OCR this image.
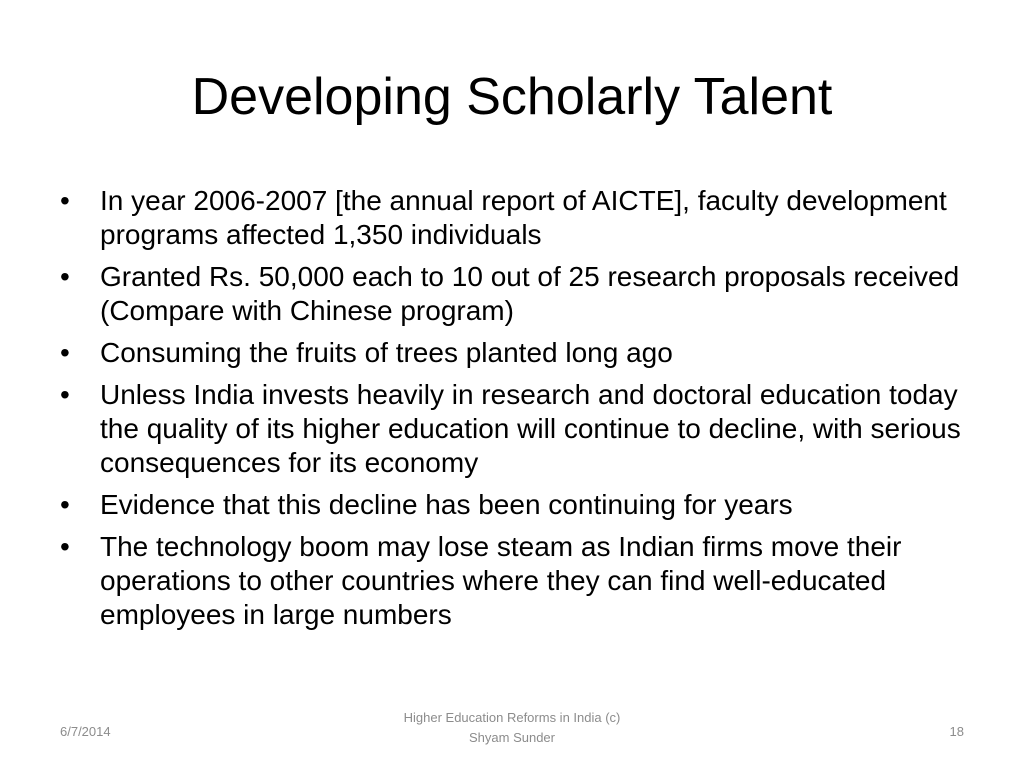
Developing Scholarly Talent
•	In year 2006-2007 [the annual report of AICTE], faculty development programs affected 1,350 individuals
•	Granted Rs. 50,000 each to 10 out of 25 research proposals received (Compare with Chinese program)
•	Consuming the fruits of trees planted long ago
•	Unless India invests heavily in research and doctoral education today the quality of its higher education will continue to decline, with serious consequences for its economy
•	Evidence that this decline has been continuing for years
•	The technology boom may lose steam as Indian firms move their operations to other countries where they can find well-educated employees in large numbers
6/7/2014
Higher Education Reforms in India (c)
Shyam Sunder	18
